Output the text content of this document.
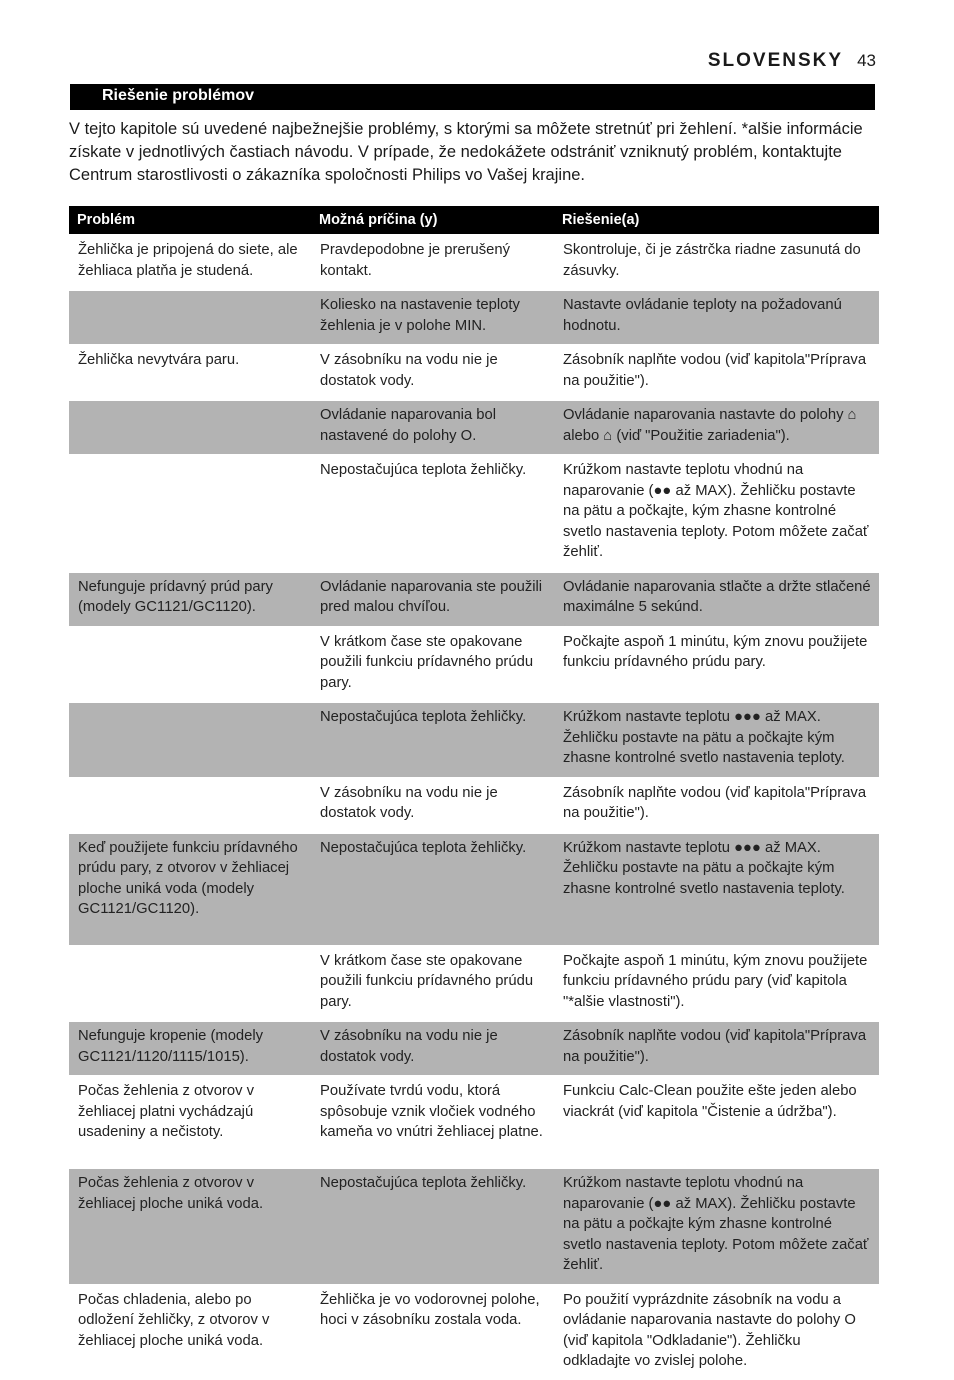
SLOVENSKY 43
Riešenie problémov

V tejto kapitole sú uvedené najbežnejšie problémy, s ktorými sa môžete stretnúť pri žehlení. *alšie informácie získate v jednotlivých častiach návodu. V prípade, že nedokážete odstrániť vzniknutý problém, kontaktujte Centrum starostlivosti o zákazníka spoločnosti Philips vo Vašej krajine.

Problém	Možná príčina (y)	Riešenie(a)
Žehlička je pripojená do siete, ale žehliaca platňa je studená.	Pravdepodobne je prerušený kontakt.	Skontroluje, či je zástrčka riadne zasunutá do zásuvky.
	Koliesko na nastavenie teploty žehlenia je v polohe MIN.	Nastavte ovládanie teploty na požadovanú hodnotu.
Žehlička nevytvára paru.	V zásobníku na vodu nie je dostatok vody.	Zásobník naplňte vodou (viď kapitola"Príprava na použitie").
	Ovládanie naparovania bol nastavené do polohy O.	Ovládanie naparovania nastavte do polohy ⌂ alebo ⌂ (viď "Použitie zariadenia").
	Nepostačujúca teplota žehličky.	Krúžkom nastavte teplotu vhodnú na naparovanie (●● až MAX). Žehličku postavte na pätu a počkajte, kým zhasne kontrolné svetlo nastavenia teploty. Potom môžete začať žehliť.
Nefunguje prídavný prúd pary (modely GC1121/GC1120).	Ovládanie naparovania ste použili pred malou chvíľou.	Ovládanie naparovania stlačte a držte stlačené maximálne 5 sekúnd.
	V krátkom čase ste opakovane použili funkciu prídavného prúdu pary.	Počkajte aspoň 1 minútu, kým znovu použijete funkciu prídavného prúdu pary.
	Nepostačujúca teplota žehličky.	Krúžkom nastavte teplotu ●●● až MAX. Žehličku postavte na pätu a počkajte kým zhasne kontrolné svetlo nastavenia teploty.
	V zásobníku na vodu nie je dostatok vody.	Zásobník naplňte vodou (viď kapitola"Príprava na použitie").
Keď použijete funkciu prídavného prúdu pary, z otvorov v žehliacej ploche uniká voda (modely GC1121/GC1120).	Nepostačujúca teplota žehličky.	Krúžkom nastavte teplotu ●●● až MAX. Žehličku postavte na pätu a počkajte kým zhasne kontrolné svetlo nastavenia teploty.
	V krátkom čase ste opakovane použili funkciu prídavného prúdu pary.	Počkajte aspoň 1 minútu, kým znovu použijete funkciu prídavného prúdu pary (viď kapitola "*alšie vlastnosti").
Nefunguje kropenie (modely GC1121/1120/1115/1015).	V zásobníku na vodu nie je dostatok vody.	Zásobník naplňte vodou (viď kapitola"Príprava na použitie").
Počas žehlenia z otvorov v žehliacej platni vychádzajú usadeniny a nečistoty.	Používate tvrdú vodu, ktorá spôsobuje vznik vločiek vodného kameňa vo vnútri žehliacej platne.	Funkciu Calc-Clean použite ešte jeden alebo viackrát (viď kapitola "Čistenie a údržba").
Počas žehlenia z otvorov v žehliacej ploche uniká voda.	Nepostačujúca teplota žehličky.	Krúžkom nastavte teplotu vhodnú na naparovanie (●● až MAX). Žehličku postavte na pätu a počkajte kým zhasne kontrolné svetlo nastavenia teploty. Potom môžete začať žehliť.
Počas chladenia, alebo po odložení žehličky, z otvorov v žehliacej ploche uniká voda.	Žehlička je vo vodorovnej polohe, hoci v zásobníku zostala voda.	Po použití vyprázdnite zásobník na vodu a ovládanie naparovania nastavte do polohy O (viď kapitola "Odkladanie"). Žehličku odkladajte vo zvislej polohe.
